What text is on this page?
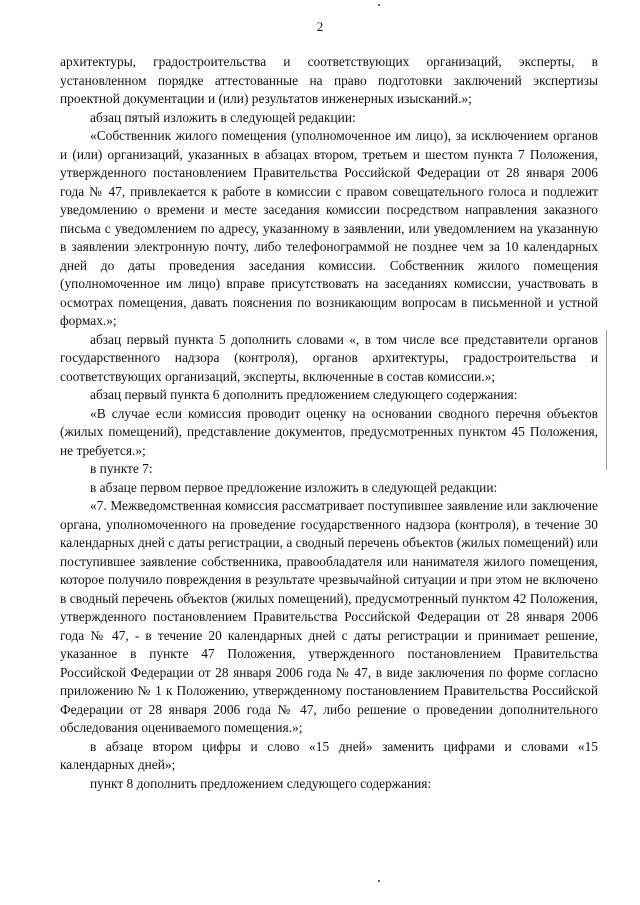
2

архитектуры, градостроительства и соответствующих организаций, эксперты, в установленном порядке аттестованные на право подготовки заключений экспертизы проектной документации и (или) результатов инженерных изысканий.»;

абзац пятый изложить в следующей редакции:

«Собственник жилого помещения (уполномоченное им лицо), за исключением органов и (или) организаций, указанных в абзацах втором, третьем и шестом пункта 7 Положения, утвержденного постановлением Правительства Российской Федерации от 28 января 2006 года № 47, привлекается к работе в комиссии с правом совещательного голоса и подлежит уведомлению о времени и месте заседания комиссии посредством направления заказного письма с уведомлением по адресу, указанному в заявлении, или уведомлением на указанную в заявлении электронную почту, либо телефонограммой не позднее чем за 10 календарных дней до даты проведения заседания комиссии. Собственник жилого помещения (уполномоченное им лицо) вправе присутствовать на заседаниях комиссии, участвовать в осмотрах помещения, давать пояснения по возникающим вопросам в письменной и устной формах.»;

абзац первый пункта 5 дополнить словами «, в том числе все представители органов государственного надзора (контроля), органов архитектуры, градостроительства и соответствующих организаций, эксперты, включенные в состав комиссии.»;

абзац первый пункта 6 дополнить предложением следующего содержания:

«В случае если комиссия проводит оценку на основании сводного перечня объектов (жилых помещений), представление документов, предусмотренных пунктом 45 Положения, не требуется.»;

в пункте 7:

в абзаце первом первое предложение изложить в следующей редакции:

«7. Межведомственная комиссия рассматривает поступившее заявление или заключение органа, уполномоченного на проведение государственного надзора (контроля), в течение 30 календарных дней с даты регистрации, а сводный перечень объектов (жилых помещений) или поступившее заявление собственника, правообладателя или нанимателя жилого помещения, которое получило повреждения в результате чрезвычайной ситуации и при этом не включено в сводный перечень объектов (жилых помещений), предусмотренный пунктом 42 Положения, утвержденного постановлением Правительства Российской Федерации от 28 января 2006 года № 47, - в течение 20 календарных дней с даты регистрации и принимает решение, указанное в пункте 47 Положения, утвержденного постановлением Правительства Российской Федерации от 28 января 2006 года № 47, в виде заключения по форме согласно приложению № 1 к Положению, утвержденному постановлением Правительства Российской Федерации от 28 января 2006 года № 47, либо решение о проведении дополнительного обследования оцениваемого помещения.»;

в абзаце втором цифры и слово «15 дней» заменить цифрами и словами «15 календарных дней»;

пункт 8 дополнить предложением следующего содержания:
